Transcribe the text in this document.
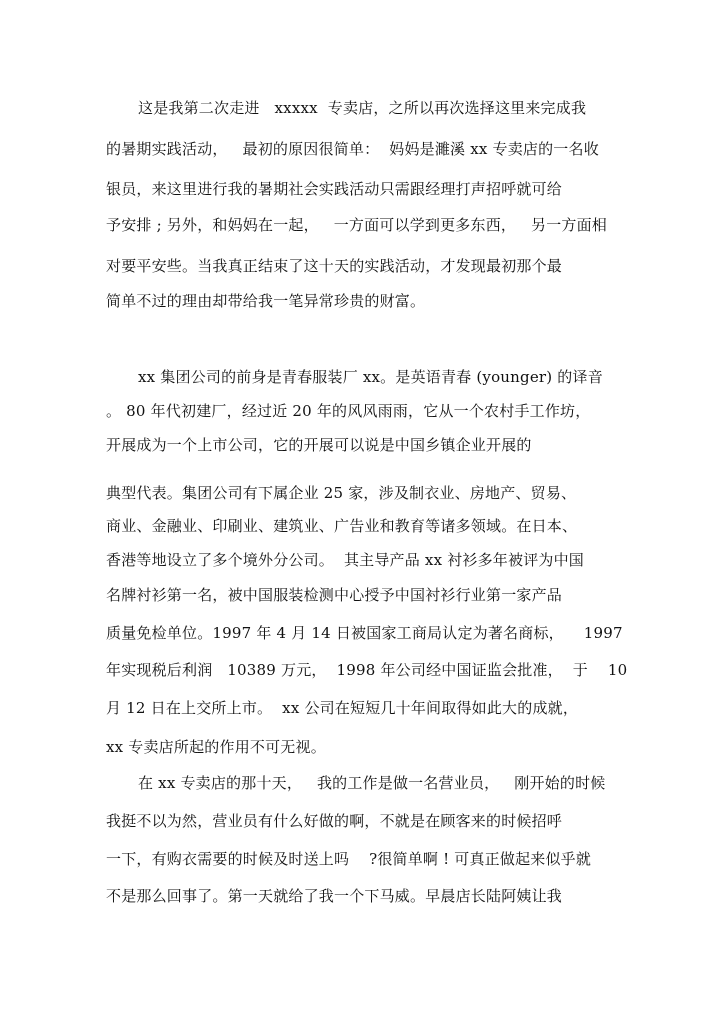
这是我第二次走进   xxxxx  专卖店，之所以再次选择这里来完成我
的暑期实践活动，   最初的原因很简单：  妈妈是濉溪 xx 专卖店的一名收
银员，来这里进行我的暑期社会实践活动只需跟经理打声招呼就可给
予安排 ; 另外，和妈妈在一起，   一方面可以学到更多东西，   另一方面相
对要平安些。当我真正结束了这十天的实践活动，才发现最初那个最
简单不过的理由却带给我一笔异常珍贵的财富。
xx 集团公司的前身是青春服装厂 xx。是英语青春 (younger) 的译音
。 80 年代初建厂，经过近 20 年的风风雨雨，它从一个农村手工作坊，
开展成为一个上市公司，它的开展可以说是中国乡镇企业开展的
典型代表。集团公司有下属企业 25 家，涉及制衣业、房地产、贸易、
商业、金融业、印刷业、建筑业、广告业和教育等诸多领域。在日本、
香港等地设立了多个境外分公司。  其主导产品 xx 衬衫多年被评为中国
名牌衬衫第一名，被中国服装检测中心授予中国衬衫行业第一家产品
质量免检单位。1997 年 4 月 14 日被国家工商局认定为著名商标，    1997
年实现税后利润   10389 万元，  1998 年公司经中国证监会批准，  于    10
月 12 日在上交所上市。  xx 公司在短短几十年间取得如此大的成就，
xx 专卖店所起的作用不可无视。
在 xx 专卖店的那十天，   我的工作是做一名营业员，   刚开始的时候
我挺不以为然，营业员有什么好做的啊，不就是在顾客来的时候招呼
一下，有购衣需要的时候及时送上吗    ?很简单啊 ! 可真正做起来似乎就
不是那么回事了。第一天就给了我一个下马威。早晨店长陆阿姨让我
